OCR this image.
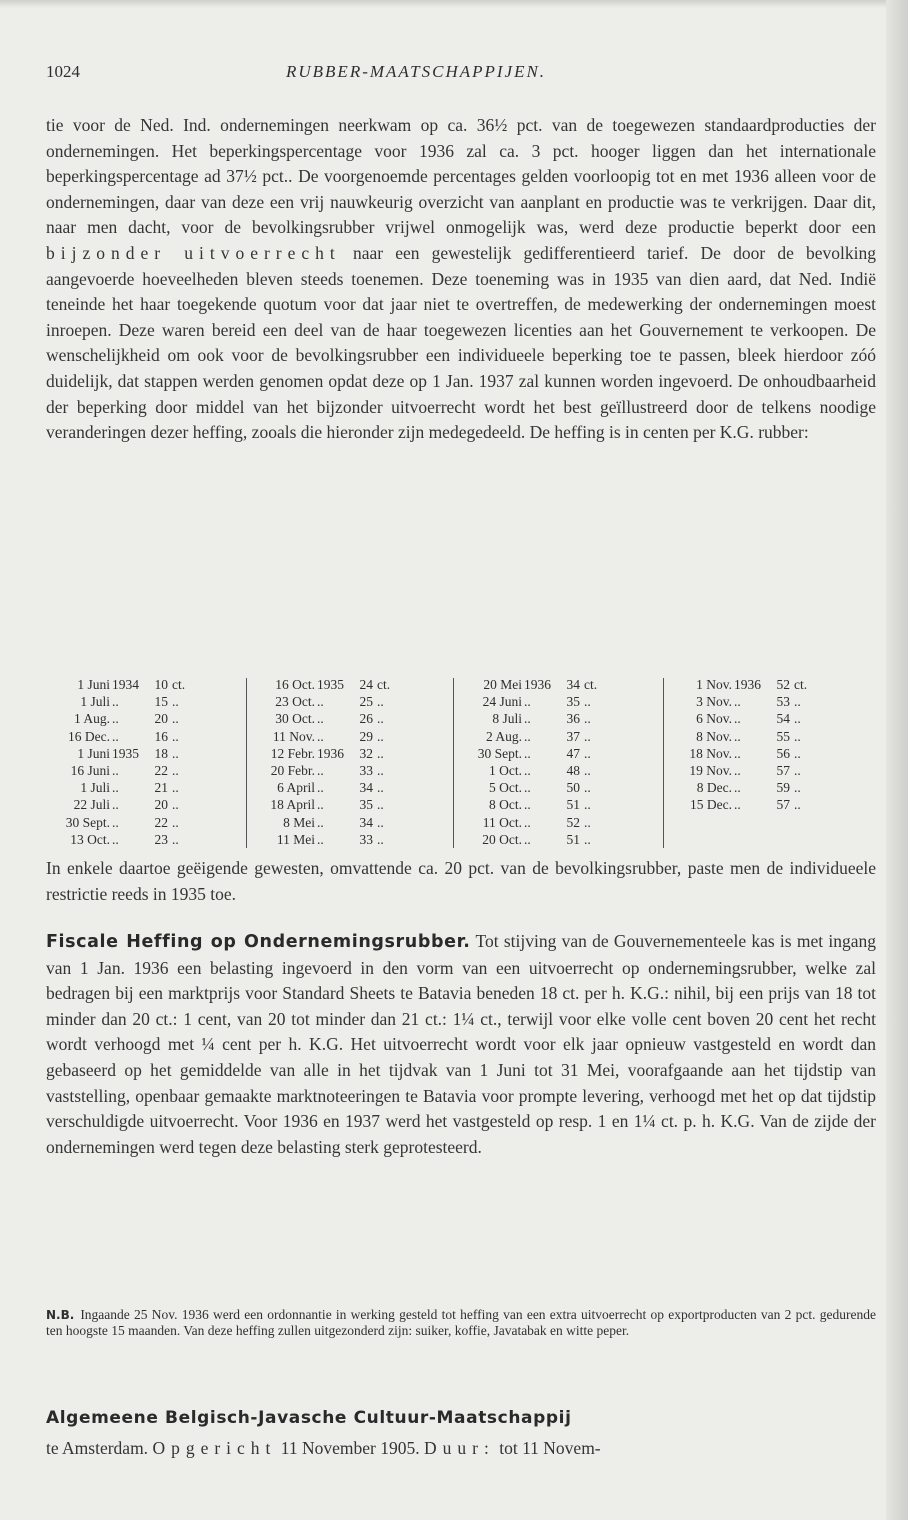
1024	RUBBER-MAATSCHAPPIJEN.

tie voor de Ned. Ind. ondernemingen neerkwam op ca. 36½ pct. van de toegewezen standaardproducties der ondernemingen. Het beperkingspercentage voor 1936 zal ca. 3 pct. hooger liggen dan het internationale beperkingspercentage ad 37½ pct.. De voorgenoemde percentages gelden voorloopig tot en met 1936 alleen voor de ondernemingen, daar van deze een vrij nauwkeurig overzicht van aanplant en productie was te verkrijgen. Daar dit, naar men dacht, voor de bevolkingsrubber vrijwel onmogelijk was, werd deze productie beperkt door een bijzonder uitvoerrecht naar een gewestelijk gedifferentieerd tarief. De door de bevolking aangevoerde hoeveelheden bleven steeds toenemen. Deze toeneming was in 1935 van dien aard, dat Ned. Indië teneinde het haar toegekende quotum voor dat jaar niet te overtreffen, de medewerking der ondernemingen moest inroepen. Deze waren bereid een deel van de haar toegewezen licenties aan het Gouvernement te verkoopen. De wenschelijkheid om ook voor de bevolkingsrubber een individueele beperking toe te passen, bleek hierdoor zóó duidelijk, dat stappen werden genomen opdat deze op 1 Jan. 1937 zal kunnen worden ingevoerd. De onhoudbaarheid der beperking door middel van het bijzonder uitvoerrecht wordt het best geïllustreerd door de telkens noodige veranderingen dezer heffing, zooals die hieronder zijn medegedeeld. De heffing is in centen per K.G. rubber:

1 Juni 1934	10 ct.
1 Juli ..	15 ..
1 Aug. ..	20 ..
16 Dec. ..	16 ..
1 Juni 1935	18 ..
16 Juni ..	22 ..
1 Juli ..	21 ..
22 Juli ..	20 ..
30 Sept. ..	22 ..
13 Oct. ..	23 ..
16 Oct. 1935	24 ct.
23 Oct. ..	25 ..
30 Oct. ..	26 ..
11 Nov. ..	29 ..
12 Febr. 1936	32 ..
20 Febr. ..	33 ..
6 April ..	34 ..
18 April ..	35 ..
8 Mei ..	34 ..
11 Mei ..	33 ..
20 Mei 1936	34 ct.
24 Juni ..	35 ..
8 Juli ..	36 ..
2 Aug. ..	37 ..
30 Sept. ..	47 ..
1 Oct. ..	48 ..
5 Oct. ..	50 ..
8 Oct. ..	51 ..
11 Oct. ..	52 ..
20 Oct. ..	51 ..
1 Nov. 1936	52 ct.
3 Nov. ..	53 ..
6 Nov. ..	54 ..
8 Nov. ..	55 ..
18 Nov. ..	56 ..
19 Nov. ..	57 ..
8 Dec. ..	59 ..
15 Dec. ..	57 ..

In enkele daartoe geëigende gewesten, omvattende ca. 20 pct. van de bevolkingsrubber, paste men de individueele restrictie reeds in 1935 toe.

Fiscale Heffing op Ondernemingsrubber. Tot stijving van de Gouvernementeele kas is met ingang van 1 Jan. 1936 een belasting ingevoerd in den vorm van een uitvoerrecht op ondernemingsrubber, welke zal bedragen bij een marktprijs voor Standard Sheets te Batavia beneden 18 ct. per h. K.G.: nihil, bij een prijs van 18 tot minder dan 20 ct.: 1 cent, van 20 tot minder dan 21 ct.: 1¼ ct., terwijl voor elke volle cent boven 20 cent het recht wordt verhoogd met ¼ cent per h. K.G. Het uitvoerrecht wordt voor elk jaar opnieuw vastgesteld en wordt dan gebaseerd op het gemiddelde van alle in het tijdvak van 1 Juni tot 31 Mei, voorafgaande aan het tijdstip van vaststelling, openbaar gemaakte marktnoteeringen te Batavia voor prompte levering, verhoogd met het op dat tijdstip verschuldigde uitvoerrecht. Voor 1936 en 1937 werd het vastgesteld op resp. 1 en 1¼ ct. p. h. K.G. Van de zijde der ondernemingen werd tegen deze belasting sterk geprotesteerd.

N.B. Ingaande 25 Nov. 1936 werd een ordonnantie in werking gesteld tot heffing van een extra uitvoerrecht op exportproducten van 2 pct. gedurende ten hoogste 15 maanden. Van deze heffing zullen uitgezonderd zijn: suiker, koffie, Javatabak en witte peper.

Algemeene Belgisch-Javasche Cultuur-Maatschappij

te Amsterdam. Opgericht 11 November 1905. Duur: tot 11 Novem-
